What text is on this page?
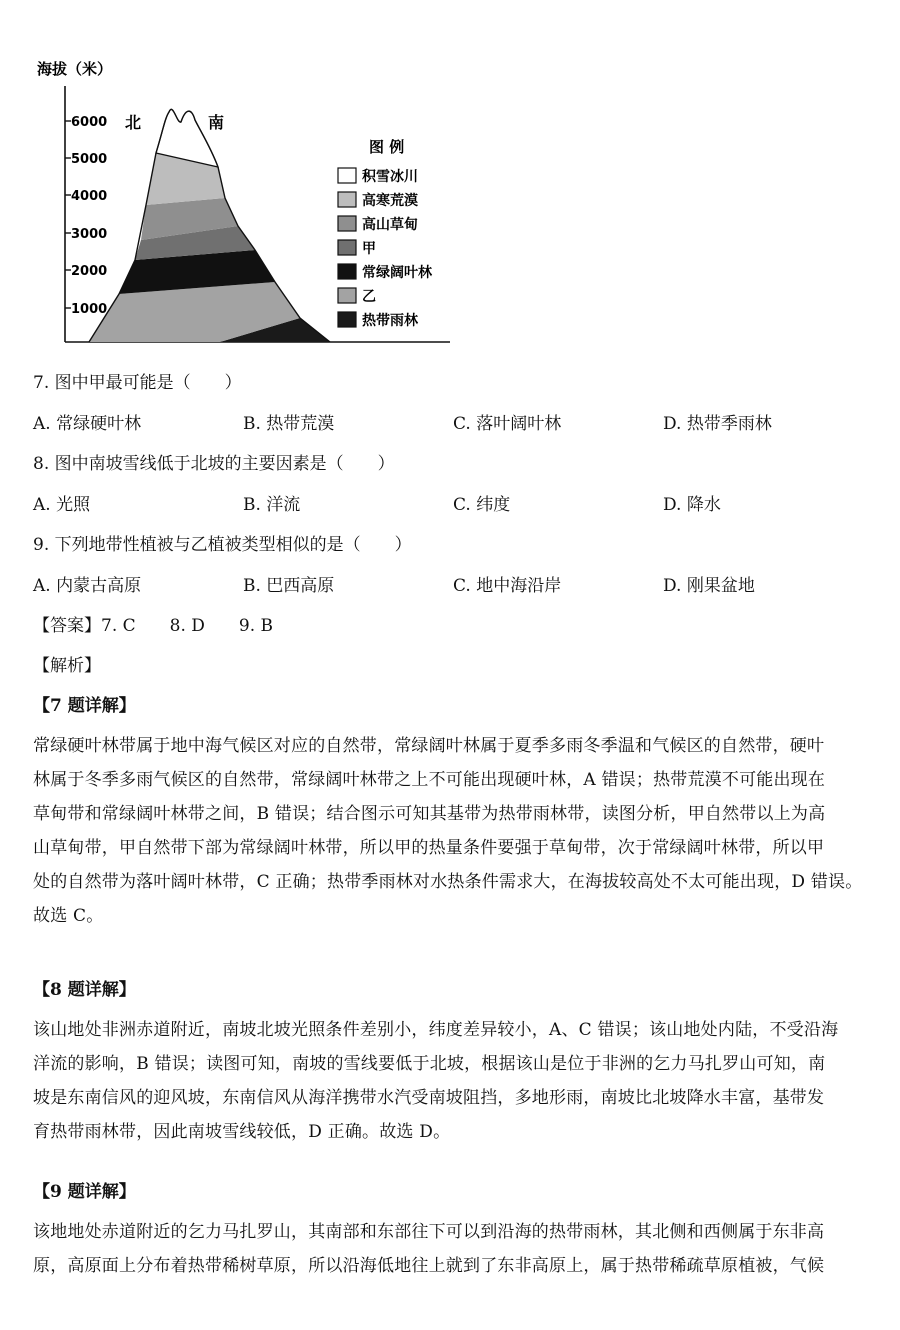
海拔（米）
6000
5000
4000
3000
2000
1000
北	南
图 例
积雪冰川
高寒荒漠
高山草甸
甲
常绿阔叶林
乙
热带雨林
7. 图中甲最可能是（　　）
A. 常绿硬叶林	B. 热带荒漠	C. 落叶阔叶林	D. 热带季雨林
8. 图中南坡雪线低于北坡的主要因素是（　　）
A. 光照	B. 洋流	C. 纬度	D. 降水
9. 下列地带性植被与乙植被类型相似的是（　　）
A. 内蒙古高原	B. 巴西高原	C. 地中海沿岸	D. 刚果盆地
【答案】7. C　　8. D　　9. B
【解析】
【7 题详解】
常绿硬叶林带属于地中海气候区对应的自然带，常绿阔叶林属于夏季多雨冬季温和气候区的自然带，硬叶
林属于冬季多雨气候区的自然带，常绿阔叶林带之上不可能出现硬叶林，A 错误；热带荒漠不可能出现在
草甸带和常绿阔叶林带之间，B 错误；结合图示可知其基带为热带雨林带，读图分析，甲自然带以上为高
山草甸带，甲自然带下部为常绿阔叶林带，所以甲的热量条件要强于草甸带，次于常绿阔叶林带，所以甲
处的自然带为落叶阔叶林带，C 正确；热带季雨林对水热条件需求大，在海拔较高处不太可能出现，D 错误。
故选 C。
【8 题详解】
该山地处非洲赤道附近，南坡北坡光照条件差别小，纬度差异较小，A、C 错误；该山地处内陆，不受沿海
洋流的影响，B 错误；读图可知，南坡的雪线要低于北坡，根据该山是位于非洲的乞力马扎罗山可知，南
坡是东南信风的迎风坡，东南信风从海洋携带水汽受南坡阻挡，多地形雨，南坡比北坡降水丰富，基带发
育热带雨林带，因此南坡雪线较低，D 正确。故选 D。
【9 题详解】
该地地处赤道附近的乞力马扎罗山，其南部和东部往下可以到沿海的热带雨林，其北侧和西侧属于东非高
原，高原面上分布着热带稀树草原，所以沿海低地往上就到了东非高原上，属于热带稀疏草原植被，气候
